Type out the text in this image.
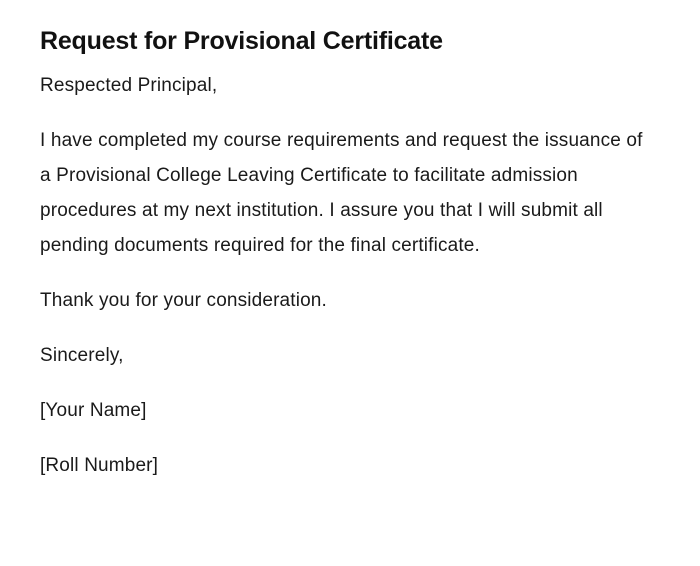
Request for Provisional Certificate

Respected Principal,

I have completed my course requirements and request the issuance of a Provisional College Leaving Certificate to facilitate admission procedures at my next institution. I assure you that I will submit all pending documents required for the final certificate.

Thank you for your consideration.

Sincerely,

[Your Name]

[Roll Number]
